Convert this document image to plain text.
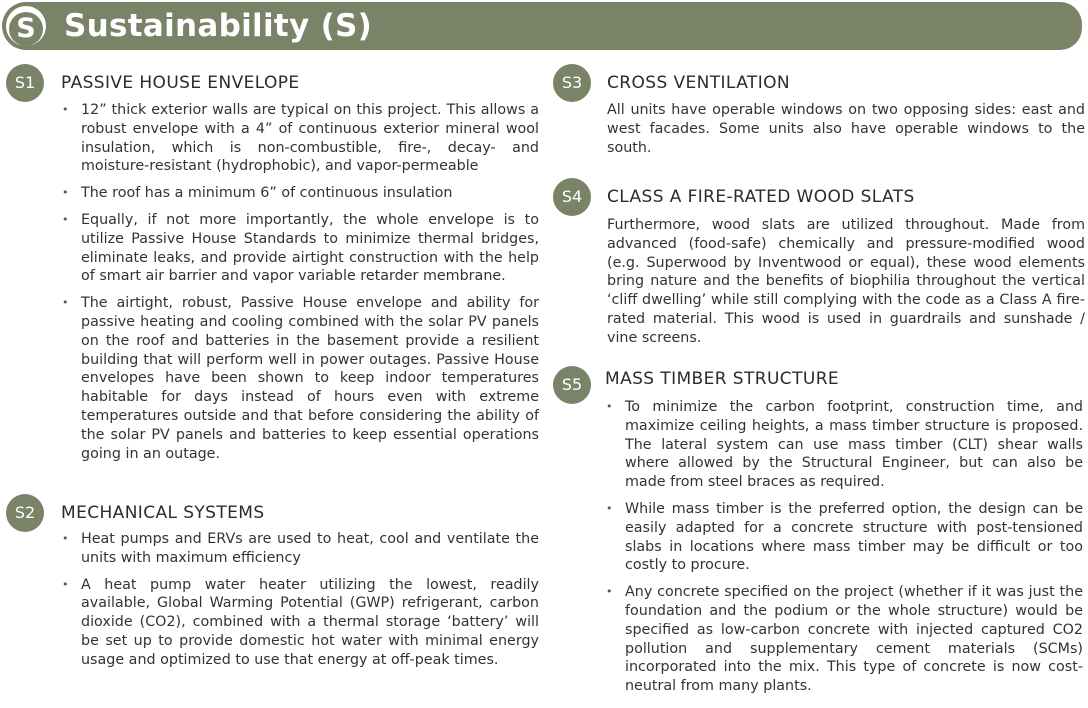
S Sustainability (S)
S1	PASSIVE HOUSE ENVELOPE
• 12” thick exterior walls are typical on this project. This allows a robust envelope with a 4” of continuous exterior mineral wool insulation, which is non-combustible, fire-, decay- and moisture-resistant (hydrophobic), and vapor-permeable
• The roof has a minimum 6” of continuous insulation
• Equally, if not more importantly, the whole envelope is to utilize Passive House Standards to minimize thermal bridges, eliminate leaks, and provide airtight construction with the help of smart air barrier and vapor variable retarder membrane.
• The airtight, robust, Passive House envelope and ability for passive heating and cooling combined with the solar PV panels on the roof and batteries in the basement provide a resilient building that will perform well in power outages. Passive House envelopes have been shown to keep indoor temperatures habitable for days instead of hours even with extreme temperatures outside and that before considering the ability of the solar PV panels and batteries to keep essential operations going in an outage.
S2	MECHANICAL SYSTEMS
• Heat pumps and ERVs are used to heat, cool and ventilate the units with maximum efficiency
• A heat pump water heater utilizing the lowest, readily available, Global Warming Potential (GWP) refrigerant, carbon dioxide (CO2), combined with a thermal storage ‘battery’ will be set up to provide domestic hot water with minimal energy usage and optimized to use that energy at off-peak times.
S3	CROSS VENTILATION
All units have operable windows on two opposing sides: east and west facades. Some units also have operable windows to the south.
S4	CLASS A FIRE-RATED WOOD SLATS
Furthermore, wood slats are utilized throughout. Made from advanced (food-safe) chemically and pressure-modified wood (e.g. Superwood by Inventwood or equal), these wood elements bring nature and the benefits of biophilia throughout the vertical ‘cliff dwelling’ while still complying with the code as a Class A fire-rated material. This wood is used in guardrails and sunshade / vine screens.
S5	MASS TIMBER STRUCTURE
• To minimize the carbon footprint, construction time, and maximize ceiling heights, a mass timber structure is proposed. The lateral system can use mass timber (CLT) shear walls where allowed by the Structural Engineer, but can also be made from steel braces as required.
• While mass timber is the preferred option, the design can be easily adapted for a concrete structure with post-tensioned slabs in locations where mass timber may be difficult or too costly to procure.
• Any concrete specified on the project (whether if it was just the foundation and the podium or the whole structure) would be specified as low-carbon concrete with injected captured CO2 pollution and supplementary cement materials (SCMs) incorporated into the mix. This type of concrete is now cost-neutral from many plants.
